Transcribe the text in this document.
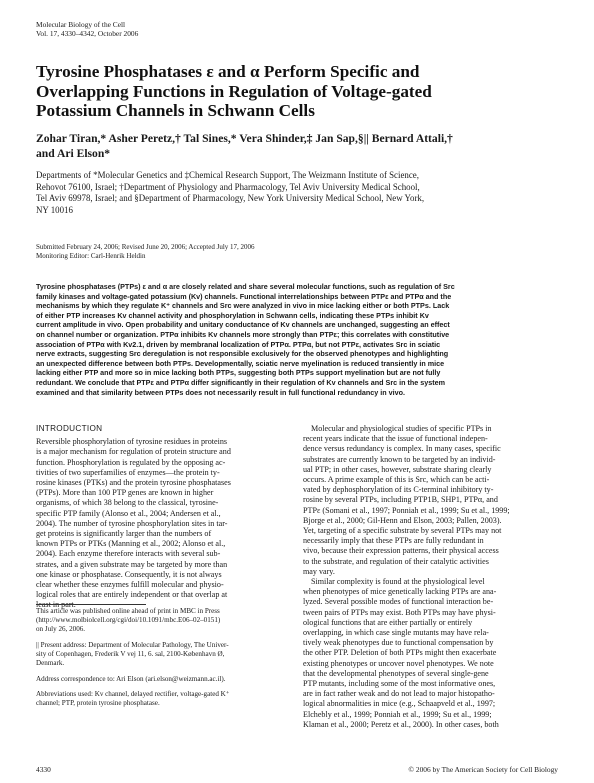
Molecular Biology of the Cell
Vol. 17, 4330–4342, October 2006
Tyrosine Phosphatases ε and α Perform Specific and
Overlapping Functions in Regulation of Voltage-gated
Potassium Channels in Schwann Cells
Zohar Tiran,* Asher Peretz,† Tal Sines,* Vera Shinder,‡ Jan Sap,§|| Bernard Attali,†
and Ari Elson*
Departments of *Molecular Genetics and ‡Chemical Research Support, The Weizmann Institute of Science,
Rehovot 76100, Israel; †Department of Physiology and Pharmacology, Tel Aviv University Medical School,
Tel Aviv 69978, Israel; and §Department of Pharmacology, New York University Medical School, New York,
NY 10016
Submitted February 24, 2006; Revised June 20, 2006; Accepted July 17, 2006
Monitoring Editor: Carl-Henrik Heldin
Tyrosine phosphatases (PTPs) ε and α are closely related and share several molecular functions, such as regulation of Src
family kinases and voltage-gated potassium (Kv) channels. Functional interrelationships between PTPε and PTPα and the
mechanisms by which they regulate K⁺ channels and Src were analyzed in vivo in mice lacking either or both PTPs. Lack
of either PTP increases Kv channel activity and phosphorylation in Schwann cells, indicating these PTPs inhibit Kv
current amplitude in vivo. Open probability and unitary conductance of Kv channels are unchanged, suggesting an effect
on channel number or organization. PTPα inhibits Kv channels more strongly than PTPε; this correlates with constitutive
association of PTPα with Kv2.1, driven by membranal localization of PTPα. PTPα, but not PTPε, activates Src in sciatic
nerve extracts, suggesting Src deregulation is not responsible exclusively for the observed phenotypes and highlighting
an unexpected difference between both PTPs. Developmentally, sciatic nerve myelination is reduced transiently in mice
lacking either PTP and more so in mice lacking both PTPs, suggesting both PTPs support myelination but are not fully
redundant. We conclude that PTPε and PTPα differ significantly in their regulation of Kv channels and Src in the system
examined and that similarity between PTPs does not necessarily result in full functional redundancy in vivo.
INTRODUCTION
Reversible phosphorylation of tyrosine residues in proteins
is a major mechanism for regulation of protein structure and
function. Phosphorylation is regulated by the opposing ac-
tivities of two superfamilies of enzymes—the protein ty-
rosine kinases (PTKs) and the protein tyrosine phosphatases
(PTPs). More than 100 PTP genes are known in higher
organisms, of which 38 belong to the classical, tyrosine-
specific PTP family (Alonso et al., 2004; Andersen et al.,
2004). The number of tyrosine phosphorylation sites in tar-
get proteins is significantly larger than the numbers of
known PTPs or PTKs (Manning et al., 2002; Alonso et al.,
2004). Each enzyme therefore interacts with several sub-
strates, and a given substrate may be targeted by more than
one kinase or phosphatase. Consequently, it is not always
clear whether these enzymes fulfill molecular and physio-
logical roles that are entirely independent or that overlap at
least in part.
This article was published online ahead of print in MBC in Press
(http://www.molbiolcell.org/cgi/doi/10.1091/mbc.E06–02–0151)
on July 26, 2006.
|| Present address: Department of Molecular Pathology, The Univer-
sity of Copenhagen, Frederik V vej 11, 6. sal, 2100-København Ø,
Denmark.
Address correspondence to: Ari Elson (ari.elson@weizmann.ac.il).
Abbreviations used: Kv channel, delayed rectifier, voltage-gated K⁺
channel; PTP, protein tyrosine phosphatase.
Molecular and physiological studies of specific PTPs in
recent years indicate that the issue of functional indepen-
dence versus redundancy is complex. In many cases, specific
substrates are currently known to be targeted by an individ-
ual PTP; in other cases, however, substrate sharing clearly
occurs. A prime example of this is Src, which can be acti-
vated by dephosphorylation of its C-terminal inhibitory ty-
rosine by several PTPs, including PTP1B, SHP1, PTPα, and
PTPε (Somani et al., 1997; Ponniah et al., 1999; Su et al., 1999;
Bjorge et al., 2000; Gil-Henn and Elson, 2003; Pallen, 2003).
Yet, targeting of a specific substrate by several PTPs may not
necessarily imply that these PTPs are fully redundant in
vivo, because their expression patterns, their physical access
to the substrate, and regulation of their catalytic activities
may vary.
Similar complexity is found at the physiological level
when phenotypes of mice genetically lacking PTPs are ana-
lyzed. Several possible modes of functional interaction be-
tween pairs of PTPs may exist. Both PTPs may have physi-
ological functions that are either partially or entirely
overlapping, in which case single mutants may have rela-
tively weak phenotypes due to functional compensation by
the other PTP. Deletion of both PTPs might then exacerbate
existing phenotypes or uncover novel phenotypes. We note
that the developmental phenotypes of several single-gene
PTP mutants, including some of the most informative ones,
are in fact rather weak and do not lead to major histopatho-
logical abnormalities in mice (e.g., Schaapveld et al., 1997;
Elchebly et al., 1999; Ponniah et al., 1999; Su et al., 1999;
Klaman et al., 2000; Peretz et al., 2000). In other cases, both
4330	© 2006 by The American Society for Cell Biology
